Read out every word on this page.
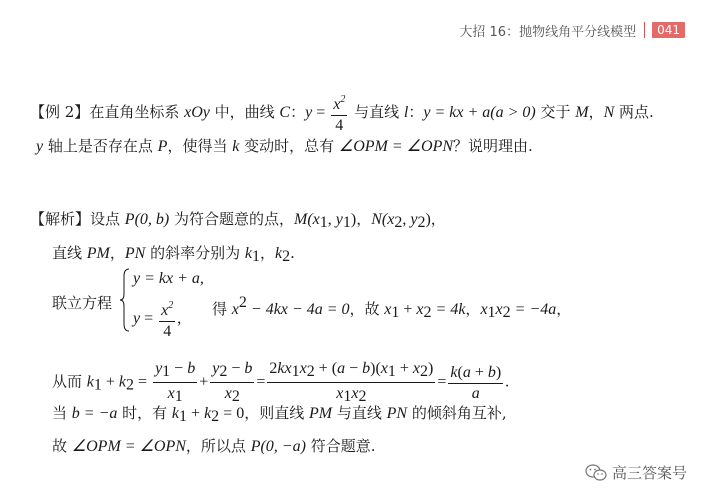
大招 16：抛物线角平分线模型	041
【例 2】在直角坐标系 xOy 中，曲线 C：$y = \frac{x^2}{4}$ 与直线 l：y = kx + a(a > 0) 交于 M，N 两点.
y 轴上是否存在点 P，使得当 k 变动时，总有 ∠OPM = ∠OPN？说明理由.
【解析】设点 P(0, b) 为符合题意的点，$M(x_1$, $y_1$)，$N(x_2$, $y_2$)，
直线 PM，PN 的斜率分别为 $k_1$，$k_2$.
联立方程
y = kx + a,
$y = \frac{x^2}{4}$ ,
得 $x^2 - 4kx - 4a = 0$，故 $x_1 + x_2 = 4k$，$x_1x_2 = -4a$，
从而 $k_1 + k_2 = \frac{y_1 - b}{x_1} + \frac{y_2 - b}{x_2} = \frac{2kx_1x_2 + (a - b)(x_1 + x_2)}{x_1x_2} = \frac{k(a + b)}{a}$ .
当 b = −a 时，有 $k_1 + k_2 = 0$，则直线 PM 与直线 PN 的倾斜角互补,
故 ∠OPM = ∠OPN，所以点 P(0, −a) 符合题意.
高三答案号
